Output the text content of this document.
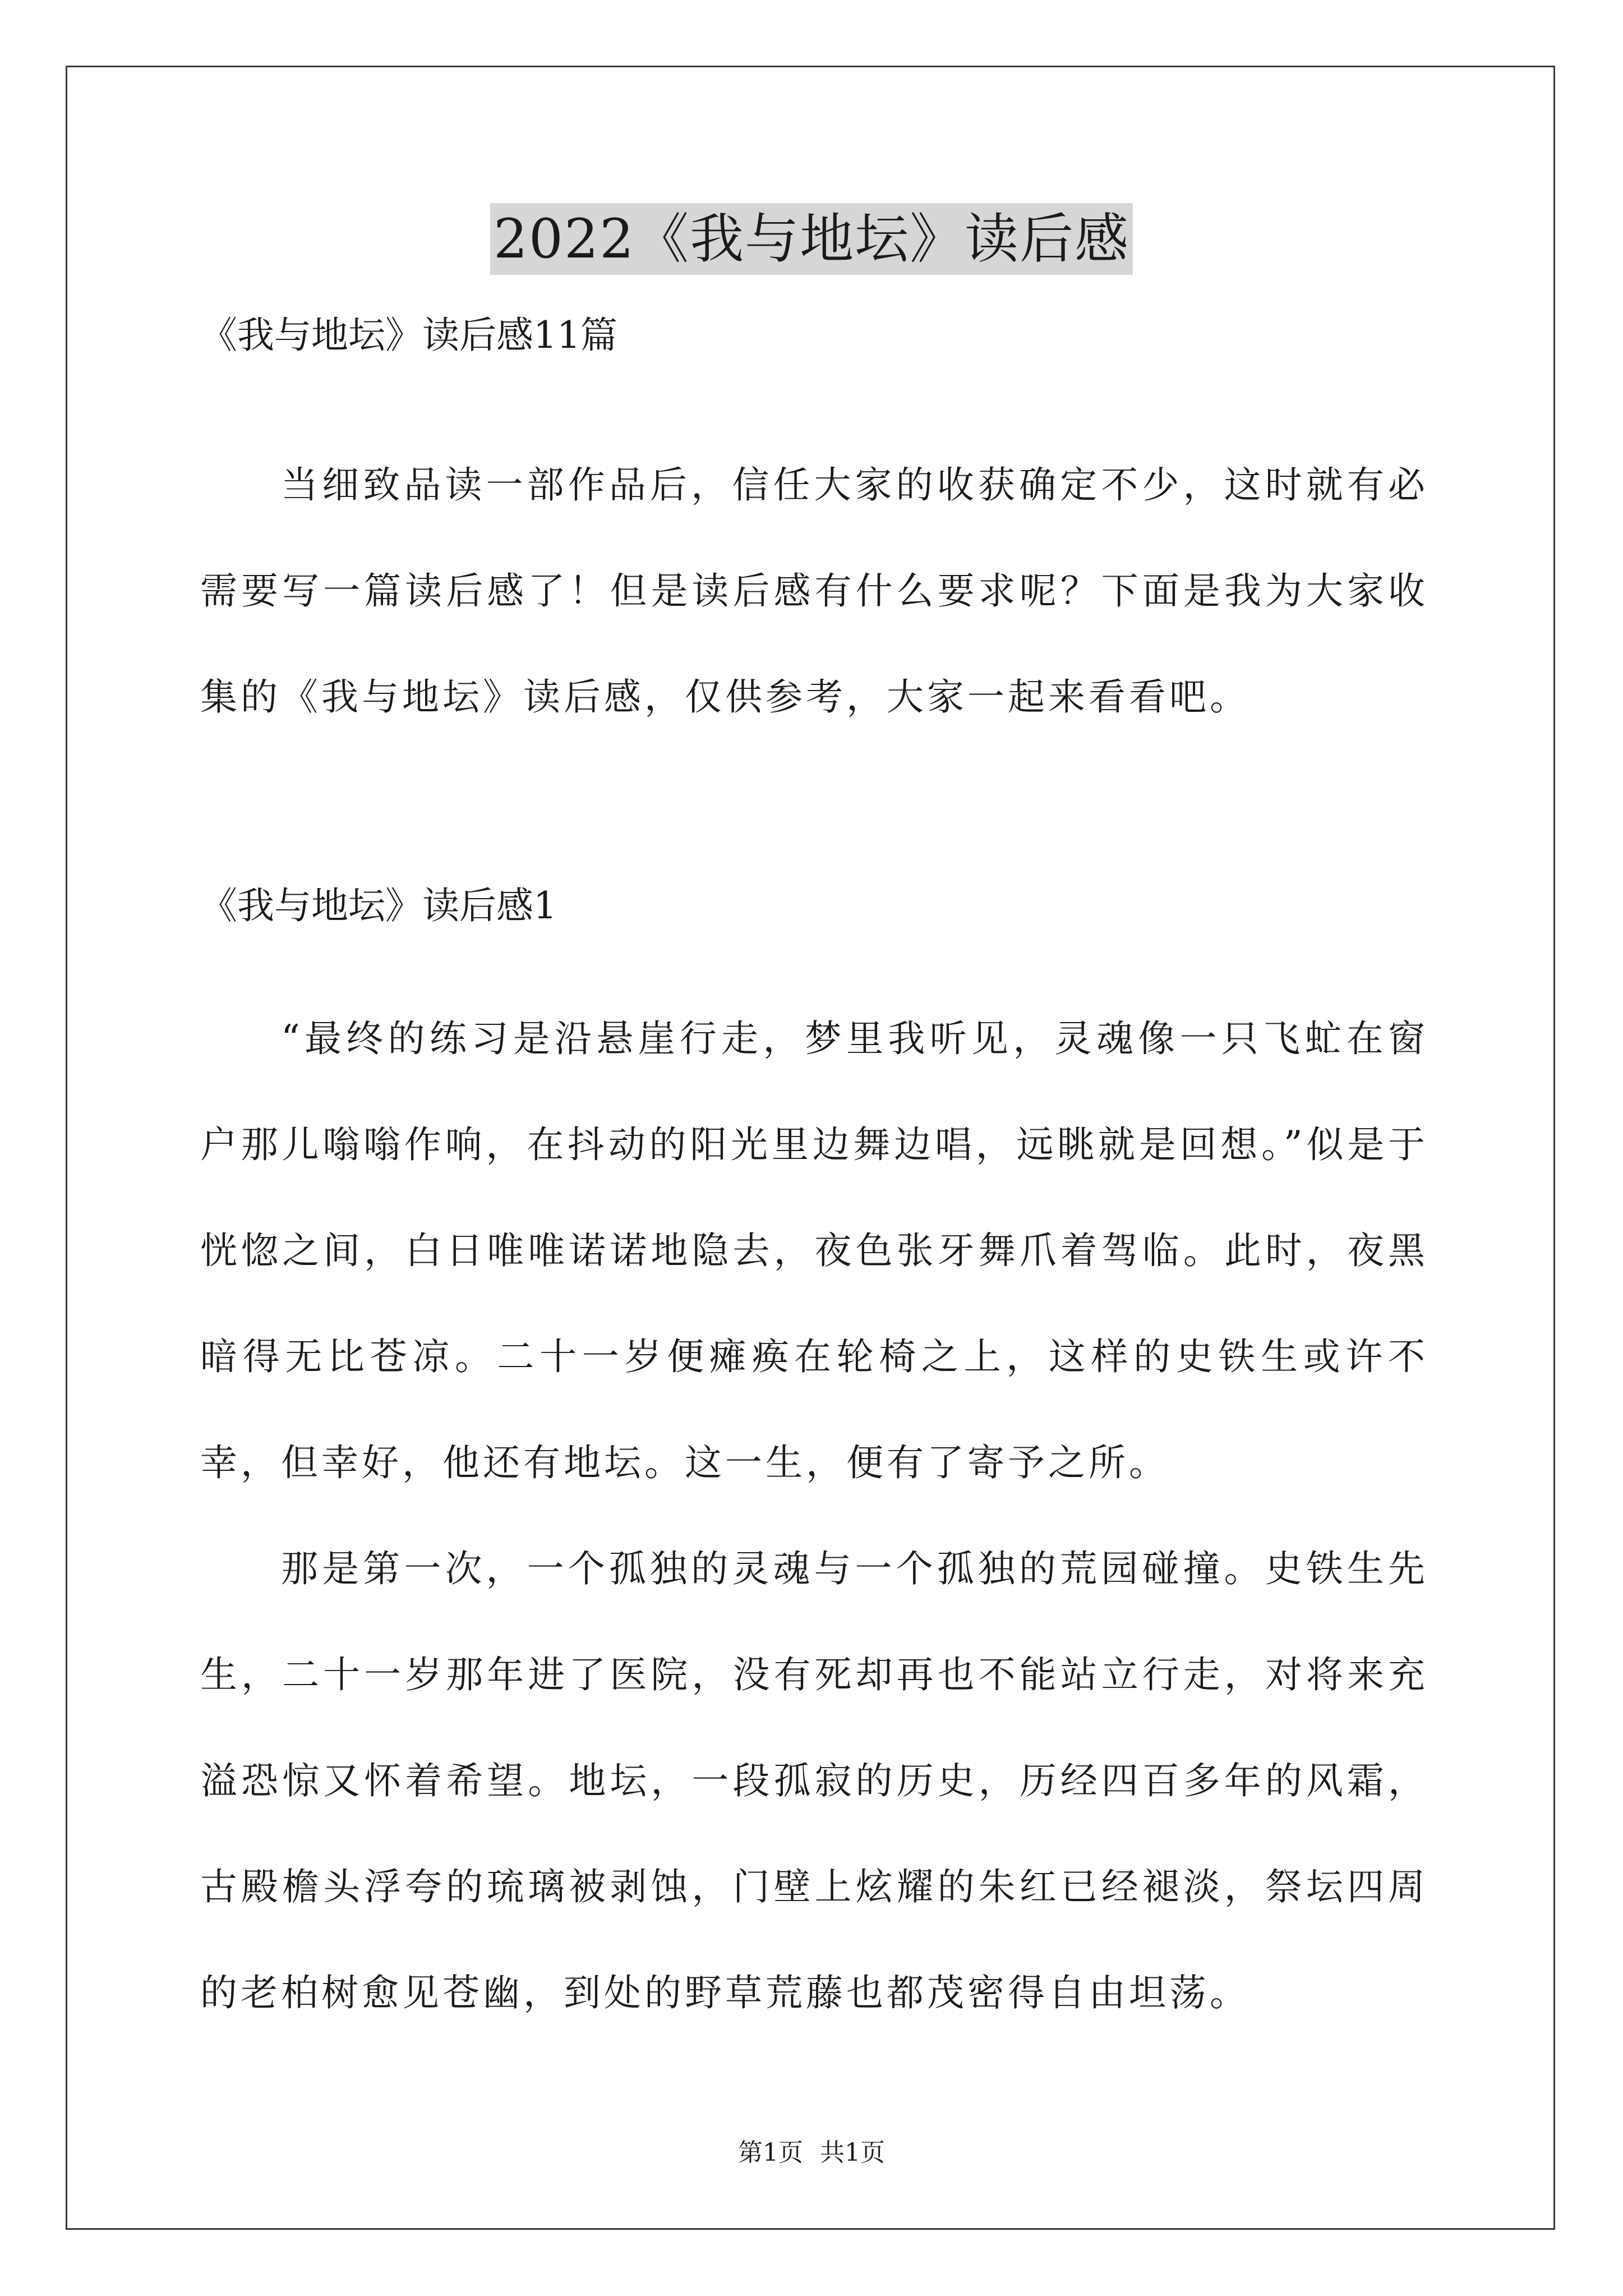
2022《我与地坛》读后感

《我与地坛》读后感11篇

当细致品读一部作品后，信任大家的收获确定不少，这时就有必需要写一篇读后感了！但是读后感有什么要求呢？下面是我为大家收集的《我与地坛》读后感，仅供参考，大家一起来看看吧。

《我与地坛》读后感1

“最终的练习是沿悬崖行走，梦里我听见，灵魂像一只飞虻在窗户那儿嗡嗡作响，在抖动的阳光里边舞边唱，远眺就是回想。”似是于恍惚之间，白日唯唯诺诺地隐去，夜色张牙舞爪着驾临。此时，夜黑暗得无比苍凉。二十一岁便瘫痪在轮椅之上，这样的史铁生或许不幸，但幸好，他还有地坛。这一生，便有了寄予之所。

那是第一次，一个孤独的灵魂与一个孤独的荒园碰撞。史铁生先生，二十一岁那年进了医院，没有死却再也不能站立行走，对将来充溢恐惊又怀着希望。地坛，一段孤寂的历史，历经四百多年的风霜，古殿檐头浮夸的琉璃被剥蚀，门壁上炫耀的朱红已经褪淡，祭坛四周的老柏树愈见苍幽，到处的野草荒藤也都茂密得自由坦荡。

第1页 共1页
